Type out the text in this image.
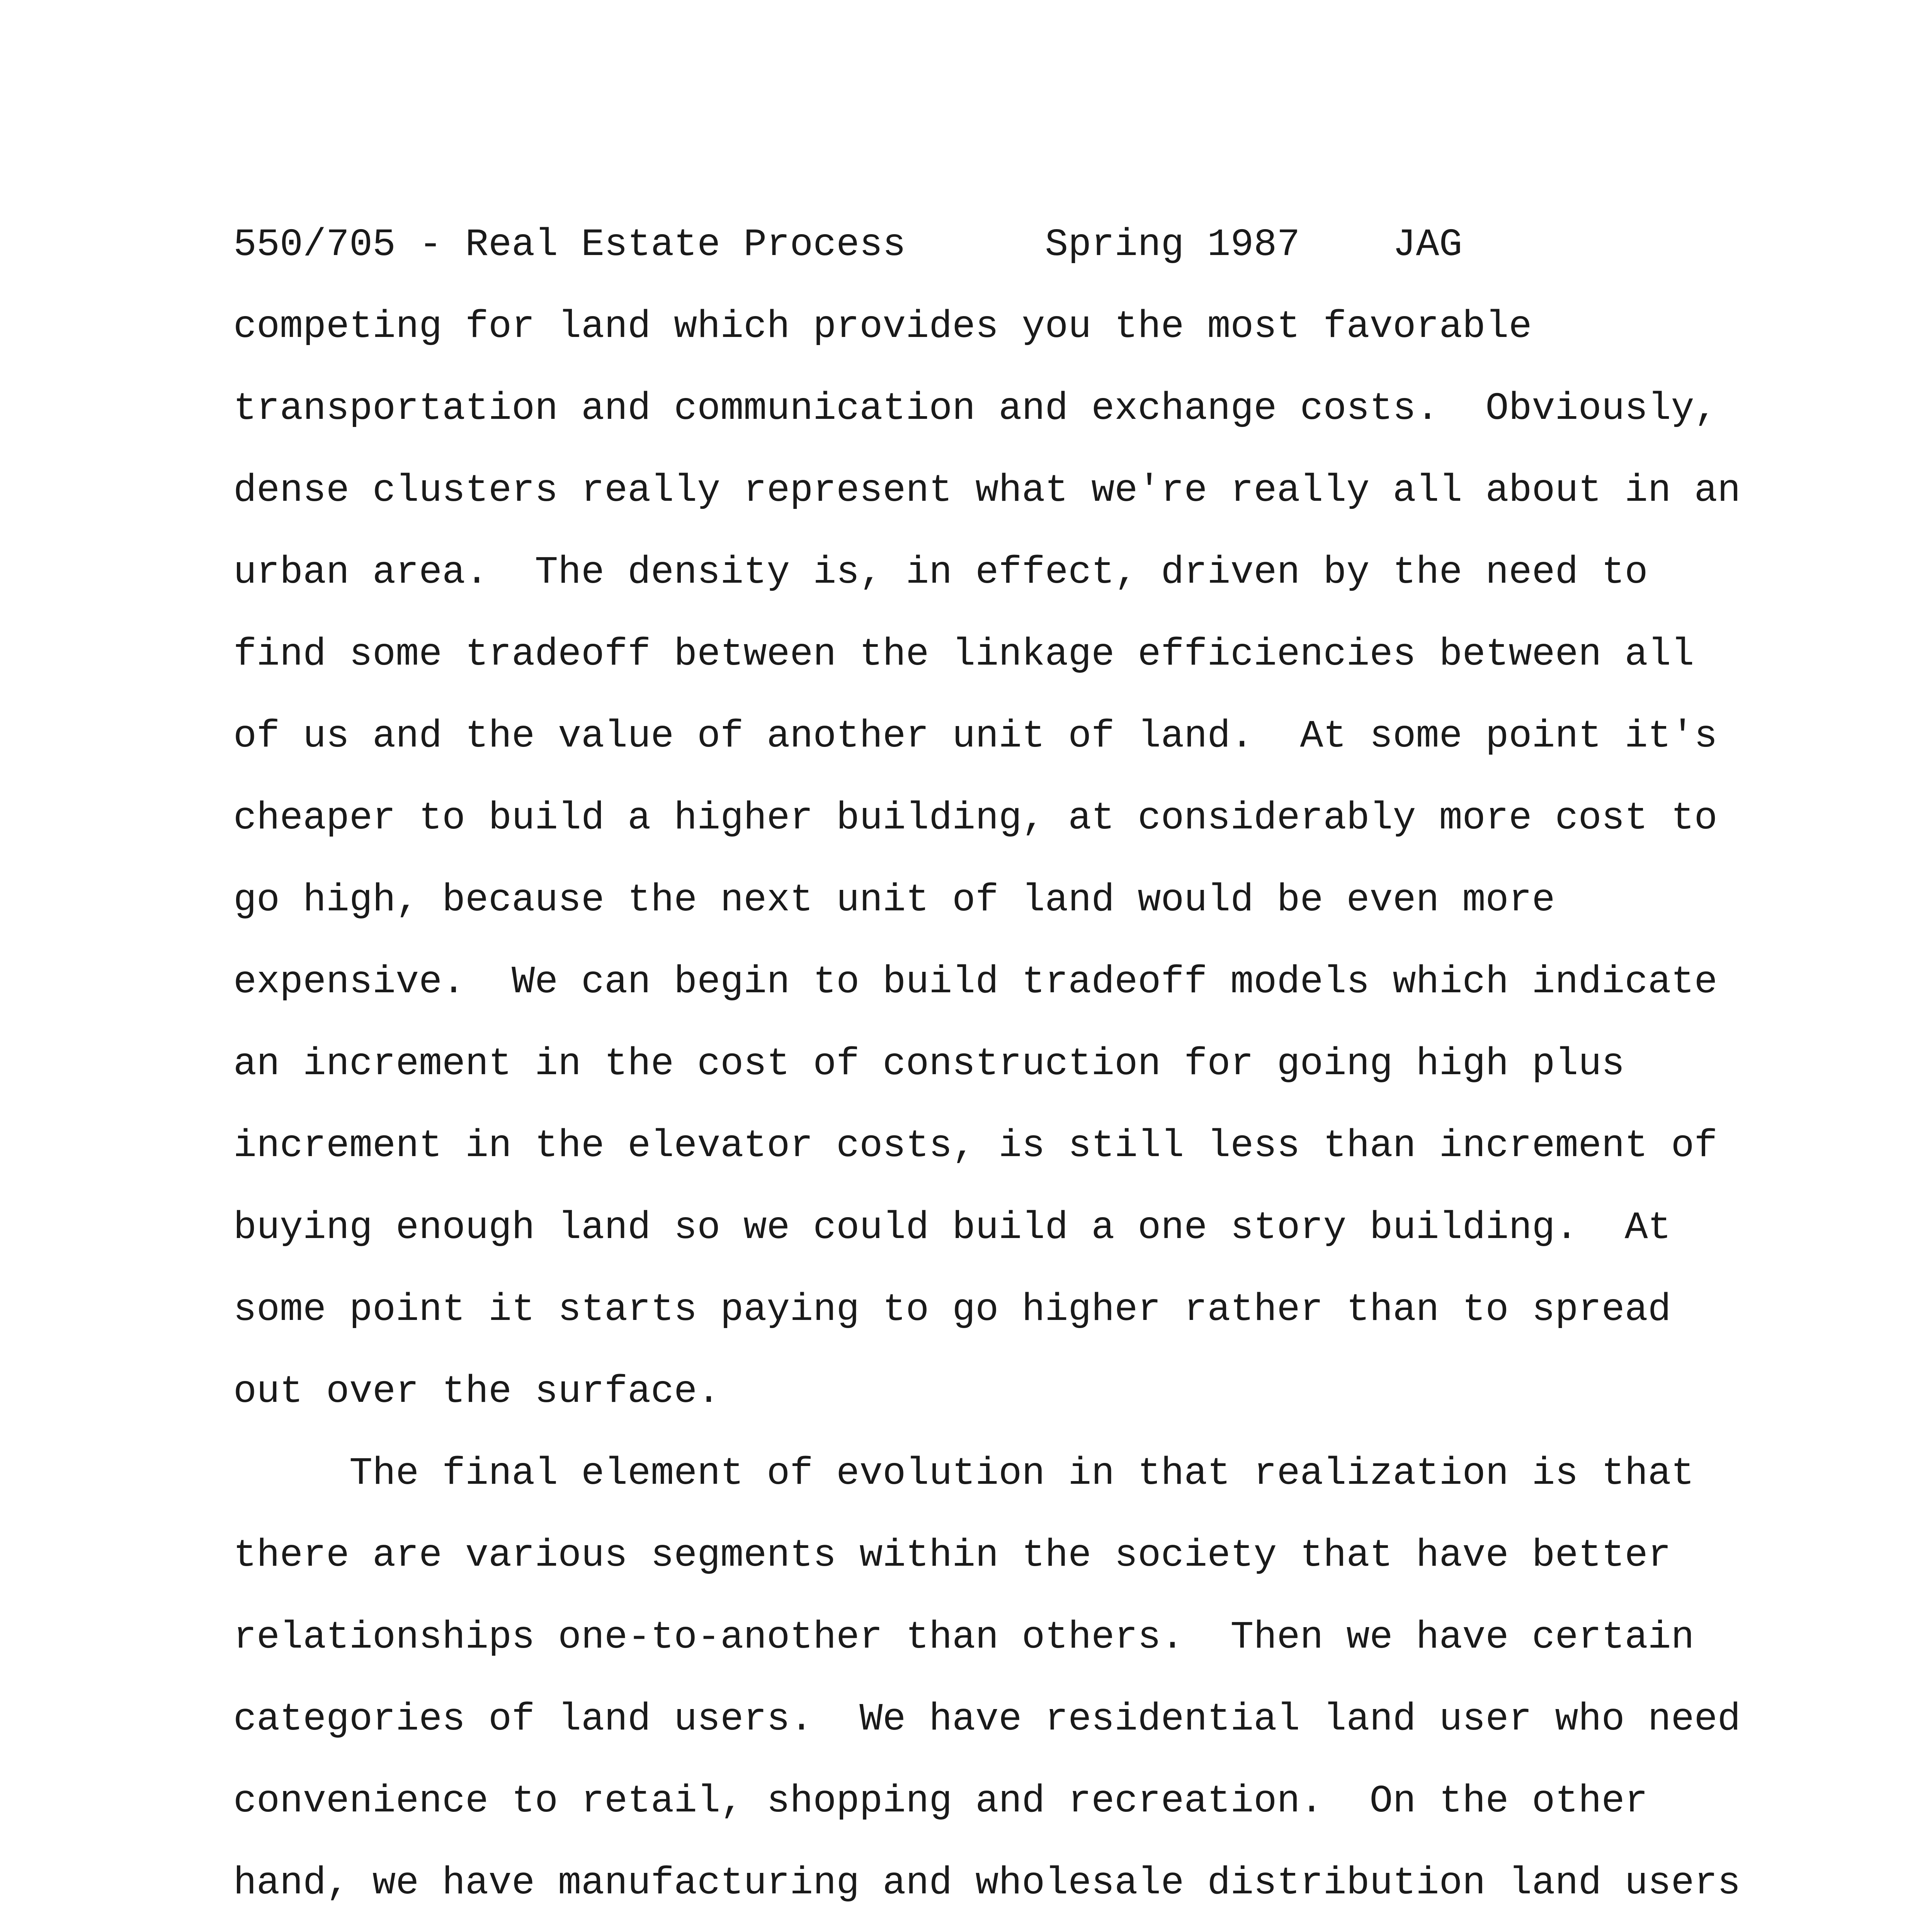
550/705 - Real Estate Process	Spring 1987 JAG
competing for land which provides you the most favorable
transportation and communication and exchange costs.  Obviously,
dense clusters really represent what we're really all about in an
urban area.  The density is, in effect, driven by the need to
find some tradeoff between the linkage efficiencies between all
of us and the value of another unit of land.  At some point it's
cheaper to build a higher building, at considerably more cost to
go high, because the next unit of land would be even more
expensive.  We can begin to build tradeoff models which indicate
an increment in the cost of construction for going high plus
increment in the elevator costs, is still less than increment of
buying enough land so we could build a one story building.  At
some point it starts paying to go higher rather than to spread
out over the surface.
The final element of evolution in that realization is that
there are various segments within the society that have better
relationships one-to-another than others.  Then we have certain
categories of land users.  We have residential land user who need
convenience to retail, shopping and recreation.  On the other
hand, we have manufacturing and wholesale distribution land users
